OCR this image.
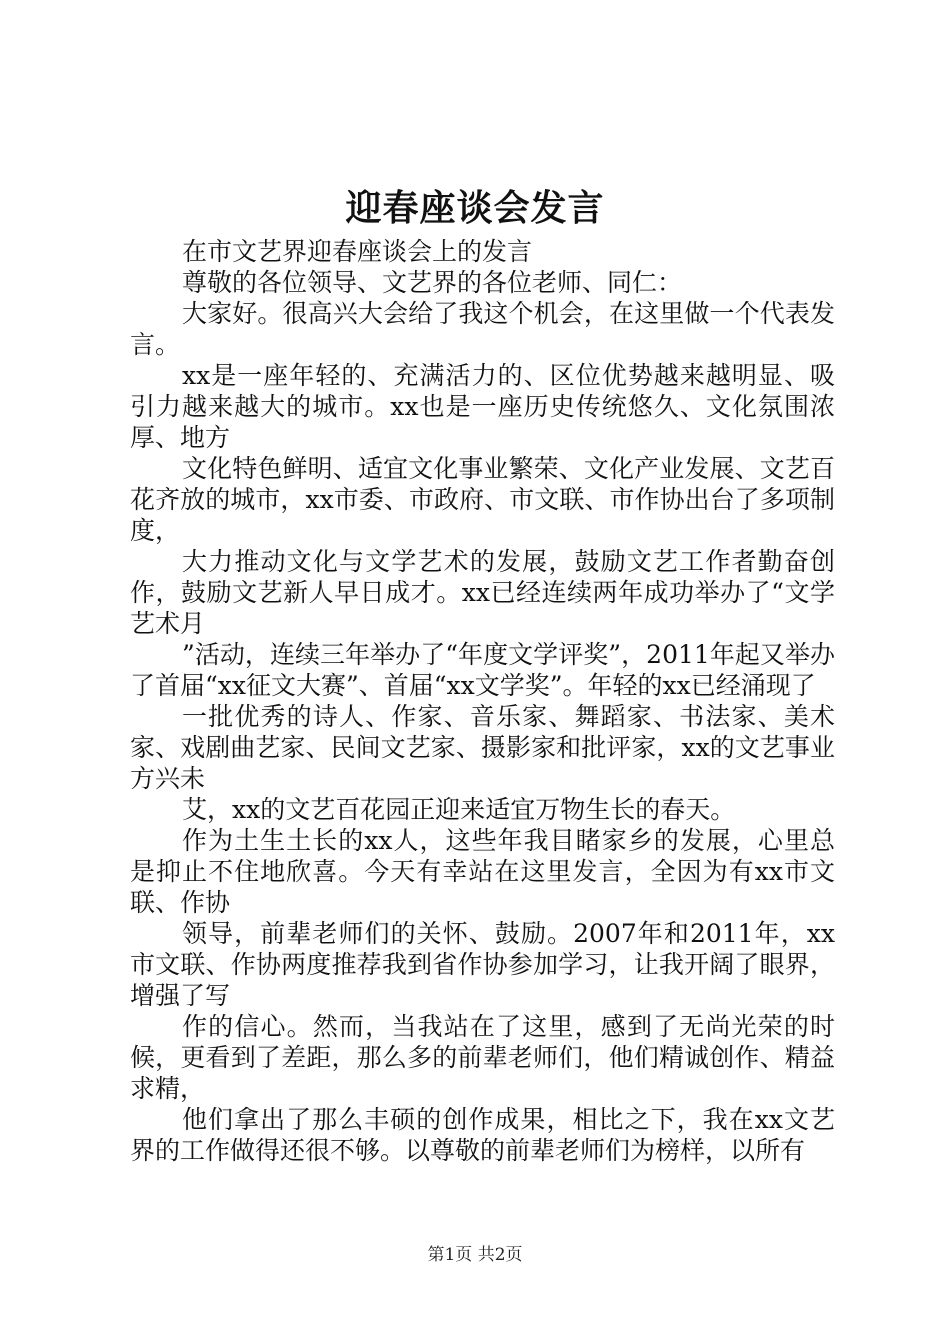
迎春座谈会发言

在市文艺界迎春座谈会上的发言

尊敬的各位领导、文艺界的各位老师、同仁：

大家好。很高兴大会给了我这个机会，在这里做一个代表发言。

xx是一座年轻的、充满活力的、区位优势越来越明显、吸引力越来越大的城市。xx也是一座历史传统悠久、文化氛围浓厚、地方

文化特色鲜明、适宜文化事业繁荣、文化产业发展、文艺百花齐放的城市，xx市委、市政府、市文联、市作协出台了多项制度，

大力推动文化与文学艺术的发展，鼓励文艺工作者勤奋创作，鼓励文艺新人早日成才。xx已经连续两年成功举办了“文学艺术月

”活动，连续三年举办了“年度文学评奖”，2011年起又举办了首届“xx征文大赛”、首届“xx文学奖”。年轻的xx已经涌现了

一批优秀的诗人、作家、音乐家、舞蹈家、书法家、美术家、戏剧曲艺家、民间文艺家、摄影家和批评家，xx的文艺事业方兴未

艾，xx的文艺百花园正迎来适宜万物生长的春天。

作为土生土长的xx人，这些年我目睹家乡的发展，心里总是抑止不住地欣喜。今天有幸站在这里发言，全因为有xx市文联、作协

领导，前辈老师们的关怀、鼓励。2007年和2011年，xx市文联、作协两度推荐我到省作协参加学习，让我开阔了眼界，增强了写

作的信心。然而，当我站在了这里，感到了无尚光荣的时候，更看到了差距，那么多的前辈老师们，他们精诚创作、精益求精，

他们拿出了那么丰硕的创作成果，相比之下，我在xx文艺界的工作做得还很不够。以尊敬的前辈老师们为榜样，以所有

第1页 共2页
